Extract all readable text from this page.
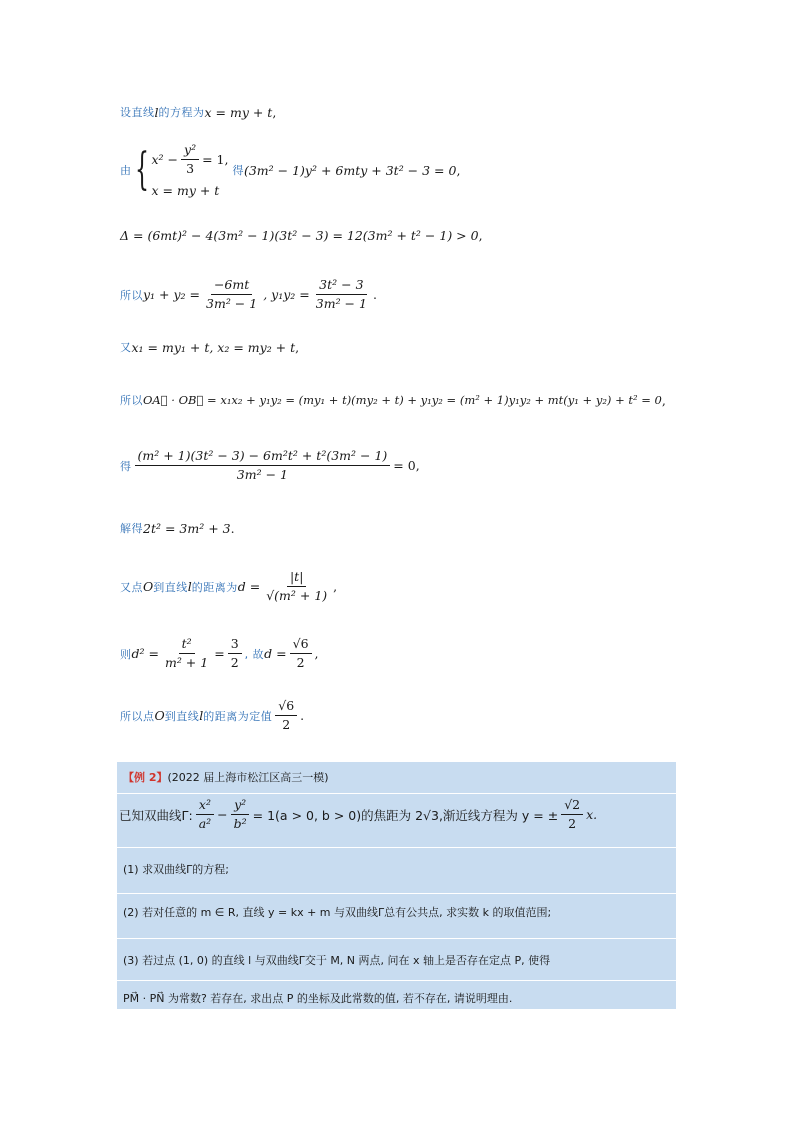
设直线 l 的方程为 x = my + t ,
由 { $x^2 - \frac{\text{y²}}{3} = 1$,
x = my + t
得 (3m² − 1)y² + 6mty + 3t² − 3 = 0 ,
Δ = (6mt)² − 4(3m² − 1)(3t² − 3) = 12(3m² + t² − 1) > 0 ,
所以 $y_1 + y_2 = \frac{-6mt}{\text{3m² − 1}}$ , $y_1y_2 = \frac{\text{3t² − 3}}{\text{3m² − 1}}$ .
又 x₁ = my₁ + t, x₂ = my₂ + t ,
所以 OA⃗ · OB⃗ = x₁x₂ + y₁y₂ = (my₁ + t)(my₂ + t) + y₁y₂ = (m² + 1)y₁y₂ + mt(y₁ + y₂) + t² = 0 ,
得 $\frac{\text{(m² + 1)(3t² − 3) − 6m²t² + t²(3m² − 1)}}{\text{3m² − 1}} = 0$ ,
解得 2t² = 3m² + 3 .
又点 O 到直线 l 的距离为 $d = \frac{|t|}{\text{√(m² + 1)}}$ ,
则 $d^2 = \frac{\text{t²}}{\text{m² + 1}} = \frac{3}{2}$ , 故 $d = \frac{√6}{2}$ ,
所以点 O 到直线 l 的距离为定值 $\frac{√6}{2}$ .
【例 2】 (2022 届上海市松江区高三一模)
已知双曲线Γ: $\frac{\text{x²}}{\text{a²}} - \frac{\text{y²}}{\text{b²}} = 1(a > 0$, b > 0)的焦距为 2√3,渐近线方程为 y = ± $\frac{√2}{2} x$.
(1) 求双曲线Γ的方程;
(2) 若对任意的 m ∈ R, 直线 y = kx + m 与双曲线Γ总有公共点, 求实数 k 的取值范围;
(3) 若过点 (1, 0) 的直线 l 与双曲线Γ交于 M, N 两点, 问在 x 轴上是否存在定点 P, 使得
PM⃗ · PN⃗ 为常数? 若存在, 求出点 P 的坐标及此常数的值, 若不存在, 请说明理由.
